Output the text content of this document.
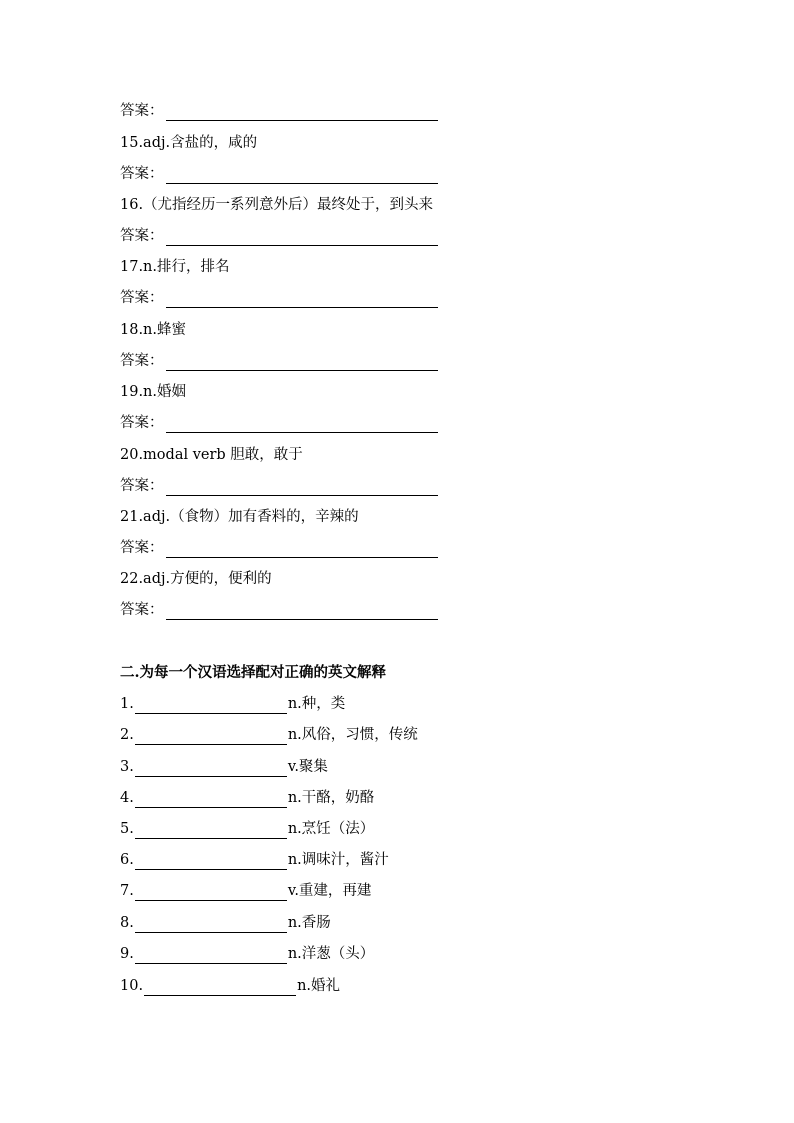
答案：
15.adj.含盐的，咸的
答案：
16.（尤指经历一系列意外后）最终处于，到头来
答案：
17.n.排行，排名
答案：
18.n.蜂蜜
答案：
19.n.婚姻
答案：
20.modal verb 胆敢，敢于
答案：
21.adj.（食物）加有香料的，辛辣的
答案：
22.adj.方便的，便利的
答案：
二.为每一个汉语选择配对正确的英文解释
1.	n.种，类
2.	n.风俗，习惯，传统
3.	v.聚集
4.	n.干酪，奶酪
5.	n.烹饪（法）
6.	n.调味汁，酱汁
7.	v.重建，再建
8.	n.香肠
9.	n.洋葱（头）
10.	n.婚礼
